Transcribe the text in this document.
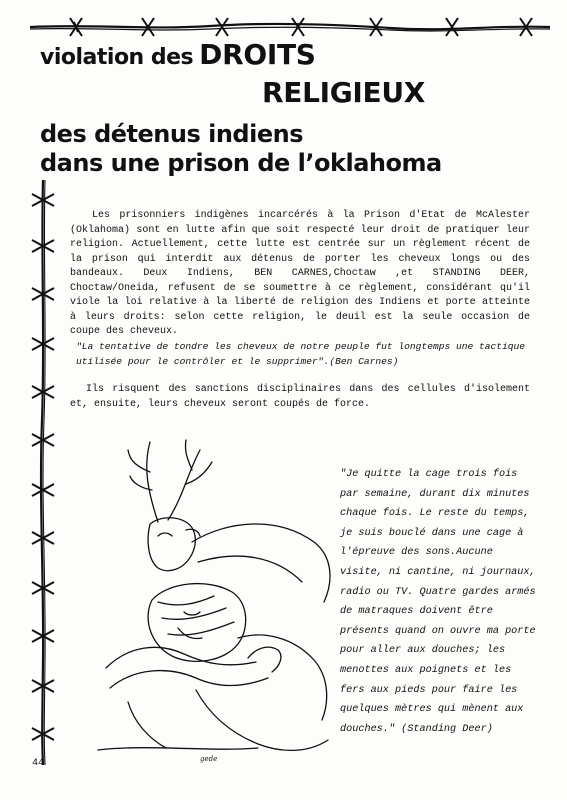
violation des DROITS
RELIGIEUX
des détenus indiens
dans une prison de l’oklahoma
Les prisonniers indigènes incarcérés à la Prison d'Etat de McAlester (Oklahoma) sont en lutte afin que soit respecté leur droit de pratiquer leur religion. Actuellement, cette lutte est centrée sur un règlement récent de la prison qui interdit aux détenus de porter les cheveux longs ou des bandeaux. Deux Indiens, BEN CARNES,Choctaw ,et STANDING DEER, Choctaw/Oneida, refusent de se soumettre à ce règlement, considérant qu'il viole la loi relative à la liberté de religion des Indiens et porte atteinte à leurs droits: selon cette religion, le deuil est la seule occasion de coupe des cheveux.
"La tentative de tondre les cheveux de notre peuple fut longtemps une tactique utilisée pour le contrôler et le supprimer".(Ben Carnes)
Ils risquent des sanctions disciplinaires dans des cellules d'isolement et, ensuite, leurs cheveux seront coupés de force.
gede
"Je quitte la cage trois fois par semaine, durant dix minutes chaque fois. Le reste du temps, je suis bouclé dans une cage à l'épreuve des sons.Aucune visite, ni cantine, ni journaux, radio ou TV. Quatre gardes armés de matraques doivent être présents quand on ouvre ma porte pour aller aux douches; les menottes aux poignets et les fers aux pieds pour faire les quelques mètres qui mènent aux douches." (Standing Deer)
44
